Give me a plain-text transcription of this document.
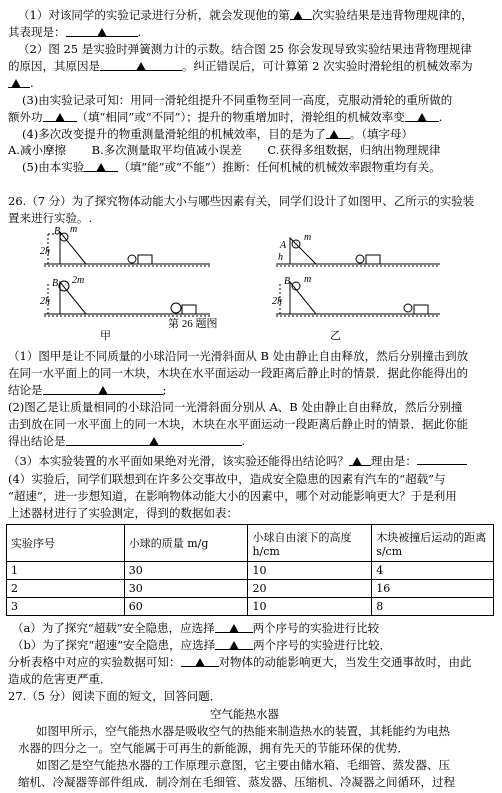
（1）对该同学的实验记录进行分析，就会发现他的第 次实验结果是违背物理规律的，
其表现是：	.
（2）图 25 是实验时弹簧测力计的示数。结合图 25 你会发现导致实验结果违背物理规律
的原因，其原因是	。纠正错误后，可计算第 2 次实验时滑轮组的机械效率为
.
(3)由实验记录可知：用同一滑轮组提升不同重物至同一高度，克服动滑轮的重所做的
额外功	（填“相同”或“不同”）；提升的物重增加时，滑轮组的机械效率变	.
(4)多次改变提升的物重测量滑轮组的机械效率，目的是为了 。（填字母）
A.减小摩擦 B.多次测量取平均值减小误差 C.获得多组数据，归纳出物理规律
(5)由本实验	（填“能”或“不能”）推断：任何机械的机械效率跟物重均有关。
26.（7 分）为了探究物体动能大小与哪些因素有关，同学们设计了如图甲、乙所示的实验装
置来进行实验。.
B m
2h
B 2m
2h
A
m
h
B m
2h
第 26 题图
甲	乙
（1）图甲是让不同质量的小球沿同一光滑斜面从 B 处由静止自由释放，然后分别撞击到放
在同一水平面上的同一木块，木块在水平面运动一段距离后静止时的情景．据此你能得出的
结论是	;
(2)图乙是让质量相同的小球沿同一光滑斜面分别从 A、B 处由静止自由释放，然后分别撞
击到放在同一水平面上的同一木块，木块在水平面运动一段距离后静止时的情景．据此你能
得出结论是	.
（3）本实验装置的水平面如果绝对光滑，该实验还能得出结论吗？ 理由是：
(4）实验后，同学们联想到在许多公交事故中，造成安全隐患的因素有汽车的“超载”与
“超速”，进一步想知道，在影响物体动能大小的因素中，哪个对动能影响更大？于是利用
上述器材进行了实验测定，得到的数据如表：
实验序号	小球的质量 m/g	小球自由滚下的高度 h/cm	木块被撞后运动的距离 s/cm
1	30	10	4
2	30	20	16
3	60	10	8
（a）为了探究“超载”安全隐患，应选择	两个序号的实验进行比较
（b）为了探究“超速”安全隐患，应选择	两个序号的实验进行比较．
分析表格中对应的实验数据可知：	对物体的动能影响更大，当发生交通事故时，由此
造成的危害更严重．
27.（5 分）阅读下面的短文，回答问题．
空气能热水器
如图甲所示，空气能热水器是吸收空气的热能来制造热水的装置，其耗能约为电热
水器的四分之一。空气能属于可再生的新能源，拥有先天的节能环保的优势．
如图乙是空气能热水器的工作原理示意图，它主要由储水箱、毛细管、蒸发器、压
缩机、冷凝器等部件组成．制冷剂在毛细管、蒸发器、压缩机、冷凝器之间循环，过程
